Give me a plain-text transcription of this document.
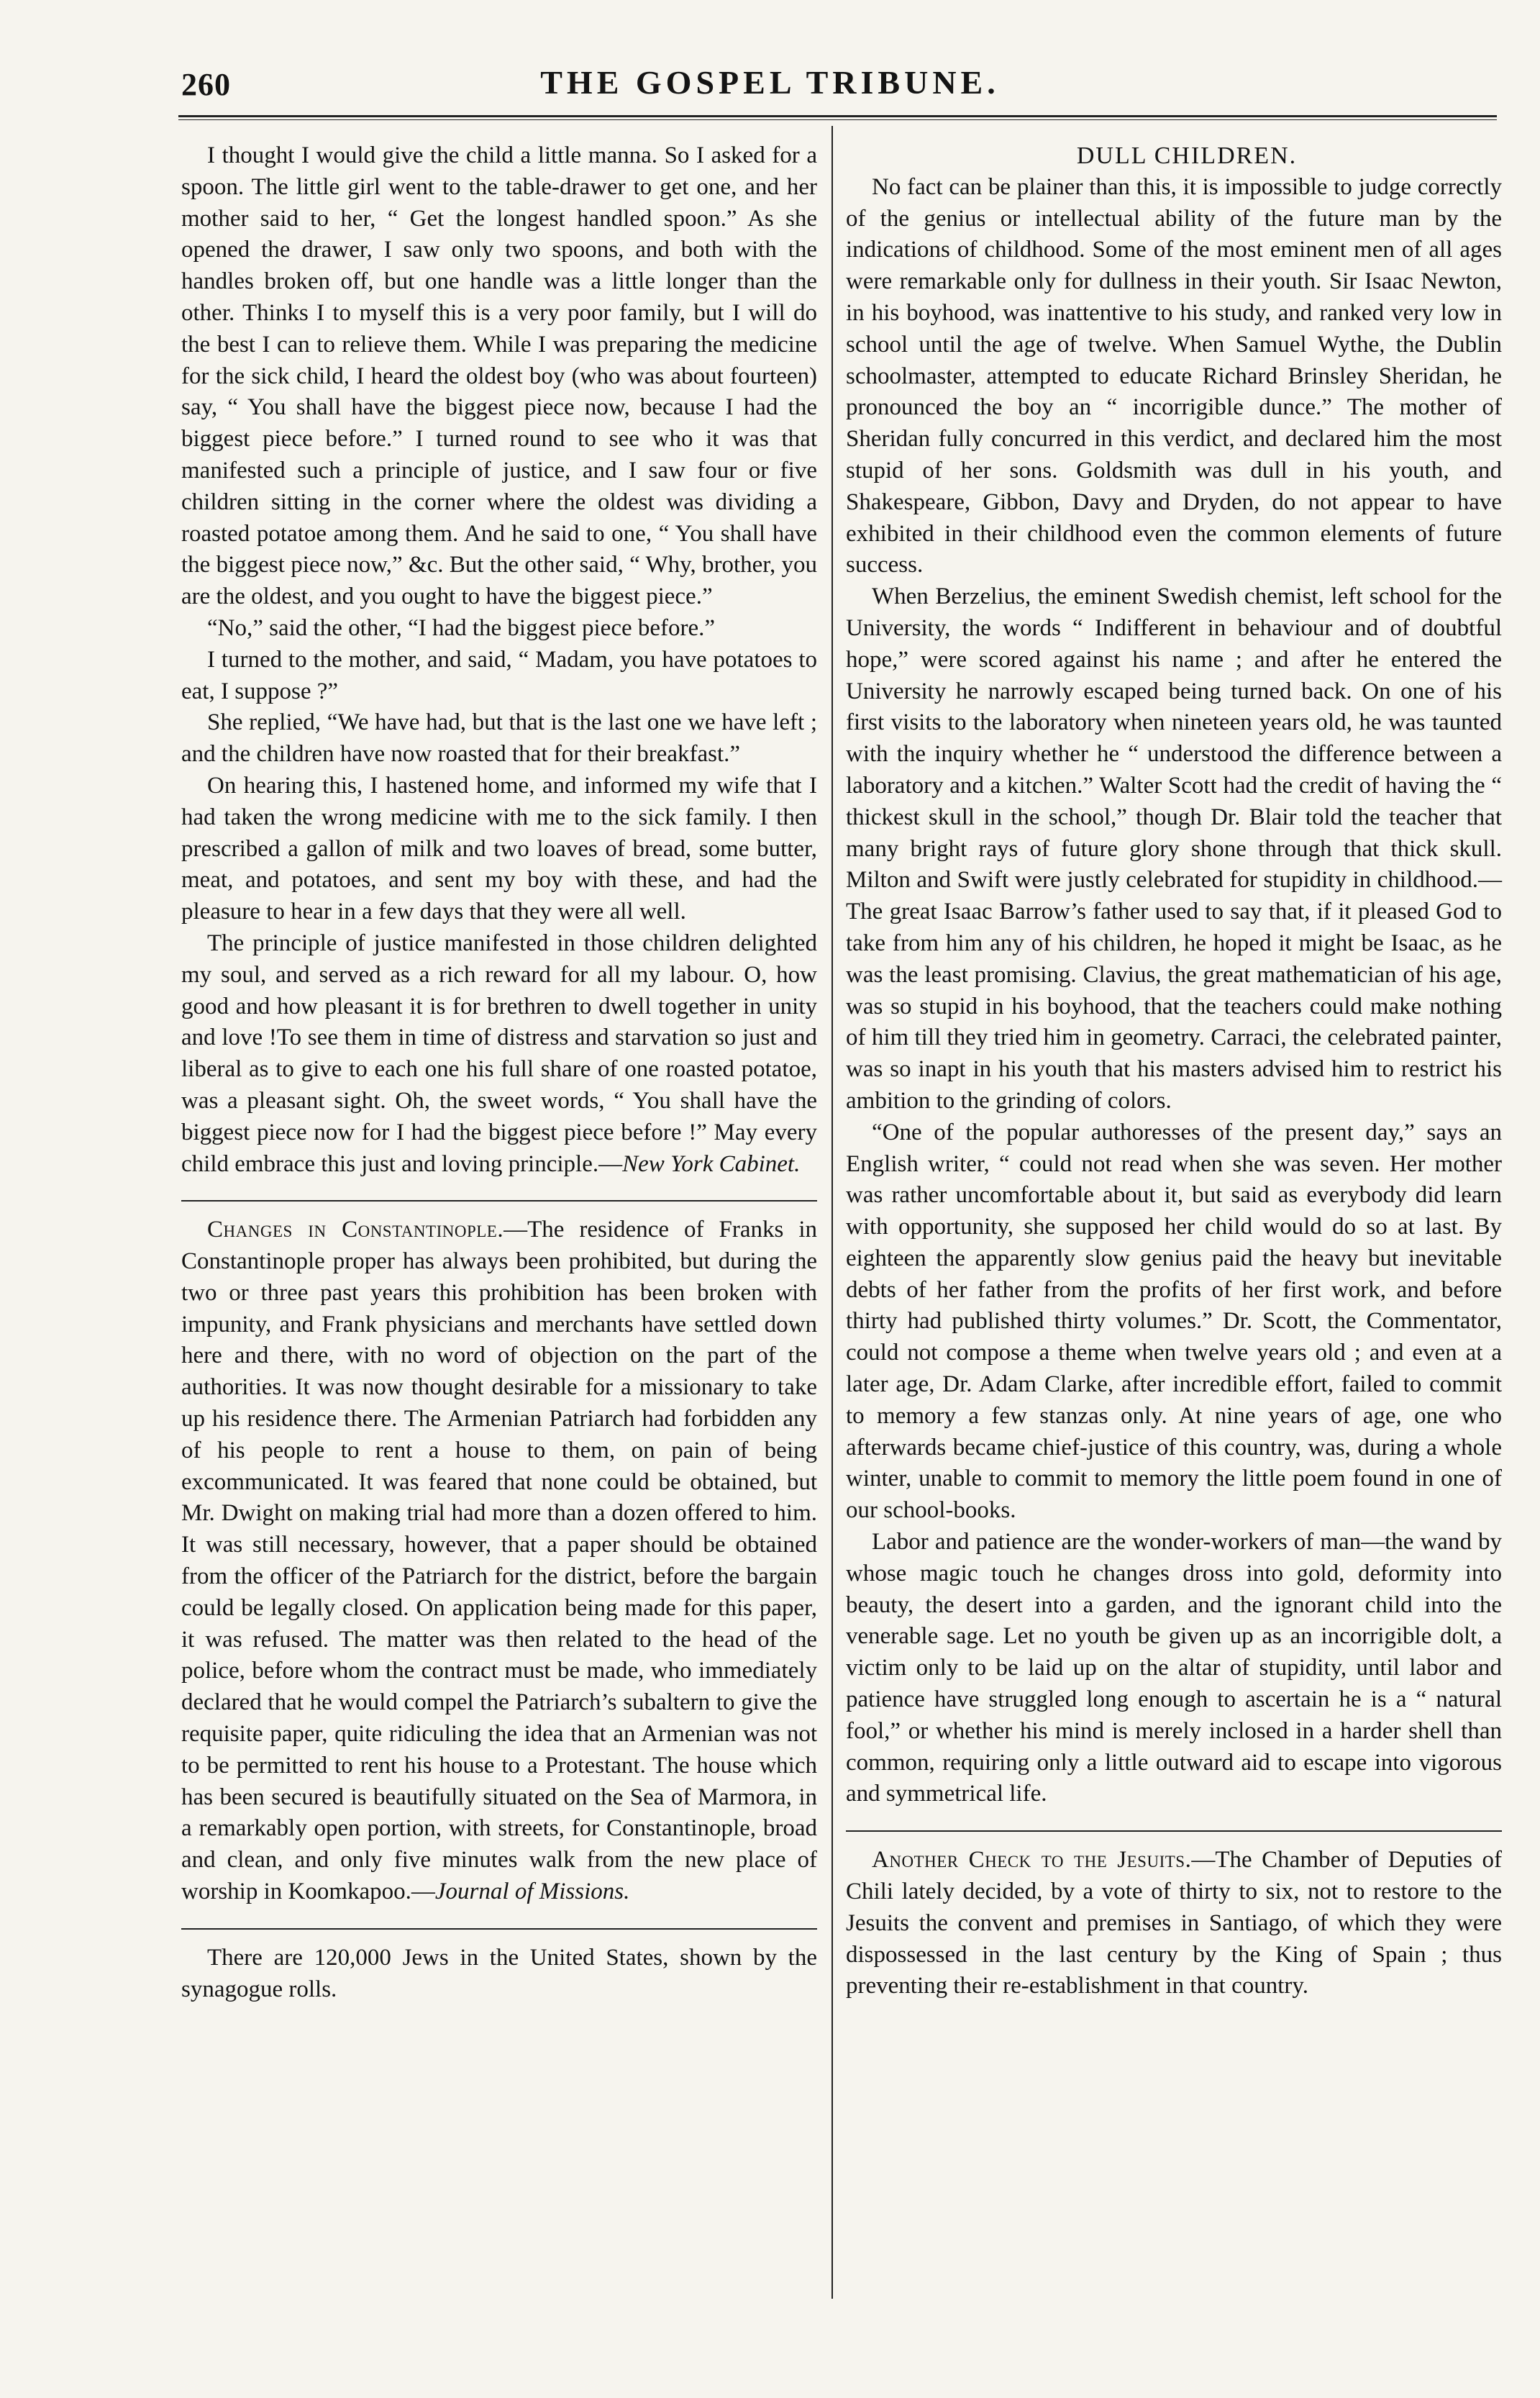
260	THE GOSPEL TRIBUNE.

I thought I would give the child a little manna. So I asked for a spoon. The little girl went to the table-drawer to get one, and her mother said to her, “ Get the longest handled spoon.” As she opened the drawer, I saw only two spoons, and both with the handles broken off, but one handle was a little longer than the other. Thinks I to myself this is a very poor family, but I will do the best I can to relieve them. While I was preparing the medicine for the sick child, I heard the oldest boy (who was about fourteen) say, “ You shall have the biggest piece now, because I had the biggest piece before.” I turned round to see who it was that manifested such a principle of justice, and I saw four or five children sitting in the corner where the oldest was dividing a roasted potatoe among them. And he said to one, “ You shall have the biggest piece now,” &c. But the other said, “ Why, brother, you are the oldest, and you ought to have the biggest piece.”

“No,” said the other, “I had the biggest piece before.”

I turned to the mother, and said, “ Madam, you have potatoes to eat, I suppose ?”

She replied, “We have had, but that is the last one we have left ; and the children have now roasted that for their breakfast.”

On hearing this, I hastened home, and informed my wife that I had taken the wrong medicine with me to the sick family. I then prescribed a gallon of milk and two loaves of bread, some butter, meat, and potatoes, and sent my boy with these, and had the pleasure to hear in a few days that they were all well.

The principle of justice manifested in those children delighted my soul, and served as a rich reward for all my labour. O, how good and how pleasant it is for brethren to dwell together in unity and love !To see them in time of distress and starvation so just and liberal as to give to each one his full share of one roasted potatoe, was a pleasant sight. Oh, the sweet words, “ You shall have the biggest piece now for I had the biggest piece before !” May every child embrace this just and loving principle.—New York Cabinet.

Changes in Constantinople.—The residence of Franks in Constantinople proper has always been prohibited, but during the two or three past years this prohibition has been broken with impunity, and Frank physicians and merchants have settled down here and there, with no word of objection on the part of the authorities. It was now thought desirable for a missionary to take up his residence there. The Armenian Patriarch had forbidden any of his people to rent a house to them, on pain of being excommunicated. It was feared that none could be obtained, but Mr. Dwight on making trial had more than a dozen offered to him. It was still necessary, however, that a paper should be obtained from the officer of the Patriarch for the district, before the bargain could be legally closed. On application being made for this paper, it was refused. The matter was then related to the head of the police, before whom the contract must be made, who immediately declared that he would compel the Patriarch’s subaltern to give the requisite paper, quite ridiculing the idea that an Armenian was not to be permitted to rent his house to a Protestant. The house which has been secured is beautifully situated on the Sea of Marmora, in a remarkably open portion, with streets, for Constantinople, broad and clean, and only five minutes walk from the new place of worship in Koomkapoo.—Journal of Missions.

There are 120,000 Jews in the United States, shown by the synagogue rolls.

DULL CHILDREN.

No fact can be plainer than this, it is impossible to judge correctly of the genius or intellectual ability of the future man by the indications of childhood. Some of the most eminent men of all ages were remarkable only for dullness in their youth. Sir Isaac Newton, in his boyhood, was inattentive to his study, and ranked very low in school until the age of twelve. When Samuel Wythe, the Dublin schoolmaster, attempted to educate Richard Brinsley Sheridan, he pronounced the boy an “ incorrigible dunce.” The mother of Sheridan fully concurred in this verdict, and declared him the most stupid of her sons. Goldsmith was dull in his youth, and Shakespeare, Gibbon, Davy and Dryden, do not appear to have exhibited in their childhood even the common elements of future success.

When Berzelius, the eminent Swedish chemist, left school for the University, the words “ Indifferent in behaviour and of doubtful hope,” were scored against his name ; and after he entered the University he narrowly escaped being turned back. On one of his first visits to the laboratory when nineteen years old, he was taunted with the inquiry whether he “ understood the difference between a laboratory and a kitchen.” Walter Scott had the credit of having the “ thickest skull in the school,” though Dr. Blair told the teacher that many bright rays of future glory shone through that thick skull. Milton and Swift were justly celebrated for stupidity in childhood.—The great Isaac Barrow’s father used to say that, if it pleased God to take from him any of his children, he hoped it might be Isaac, as he was the least promising. Clavius, the great mathematician of his age, was so stupid in his boyhood, that the teachers could make nothing of him till they tried him in geometry. Carraci, the celebrated painter, was so inapt in his youth that his masters advised him to restrict his ambition to the grinding of colors.

“One of the popular authoresses of the present day,” says an English writer, “ could not read when she was seven. Her mother was rather uncomfortable about it, but said as everybody did learn with opportunity, she supposed her child would do so at last. By eighteen the apparently slow genius paid the heavy but inevitable debts of her father from the profits of her first work, and before thirty had published thirty volumes.” Dr. Scott, the Commentator, could not compose a theme when twelve years old ; and even at a later age, Dr. Adam Clarke, after incredible effort, failed to commit to memory a few stanzas only. At nine years of age, one who afterwards became chief-justice of this country, was, during a whole winter, unable to commit to memory the little poem found in one of our school-books.

Labor and patience are the wonder-workers of man—the wand by whose magic touch he changes dross into gold, deformity into beauty, the desert into a garden, and the ignorant child into the venerable sage. Let no youth be given up as an incorrigible dolt, a victim only to be laid up on the altar of stupidity, until labor and patience have struggled long enough to ascertain he is a “ natural fool,” or whether his mind is merely inclosed in a harder shell than common, requiring only a little outward aid to escape into vigorous and symmetrical life.

Another Check to the Jesuits.—The Chamber of Deputies of Chili lately decided, by a vote of thirty to six, not to restore to the Jesuits the convent and premises in Santiago, of which they were dispossessed in the last century by the King of Spain ; thus preventing their re-establishment in that country.
